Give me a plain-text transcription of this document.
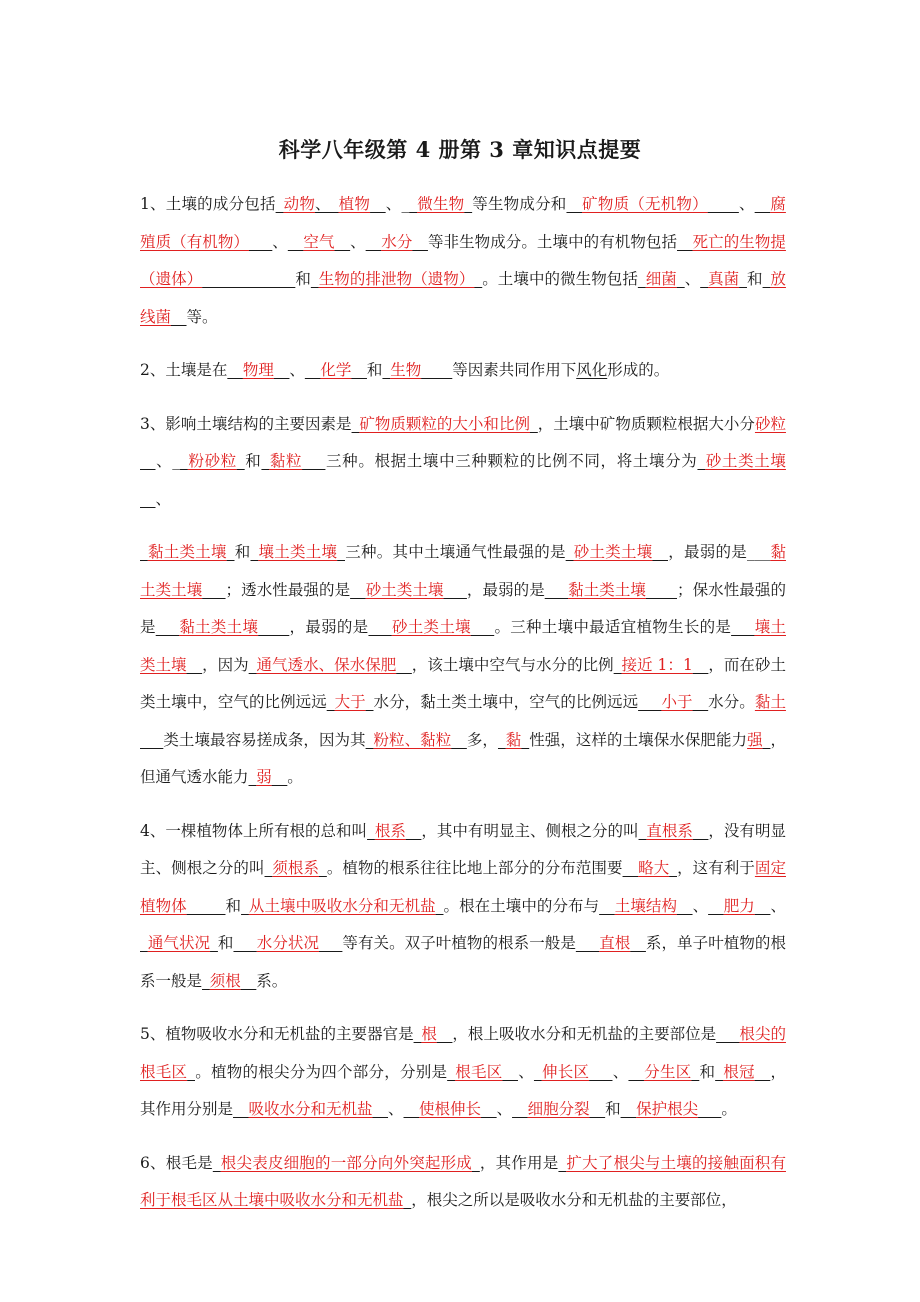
科学八年级第 4 册第 3 章知识点提要

1、土壤的成分包括_动物、_植物__、__微生物_等生物成分和__矿物质（无机物）____、__腐殖质（有机物）___、__空气__、__水分__等非生物成分。土壤中的有机物包括__死亡的生物提（遗体）____________和_生物的排泄物（遗物）_。土壤中的微生物包括_细菌_、_真菌_和_放线菌__等。

2、土壤是在__物理__、__化学__和_生物____等因素共同作用下风化形成的。

3、影响土壤结构的主要因素是_矿物质颗粒的大小和比例_，土壤中矿物质颗粒根据大小分砂粒__、__粉砂粒_和_黏粒___三种。根据土壤中三种颗粒的比例不同，将土壤分为_砂土类土壤__、

_黏土类土壤_和_壤土类土壤_三种。其中土壤通气性最强的是_砂土类土壤__，最弱的是___黏土类土壤___；透水性最强的是__砂土类土壤___，最弱的是___黏土类土壤____；保水性最强的是___黏土类土壤____，最弱的是___砂土类土壤___。三种土壤中最适宜植物生长的是___壤土类土壤__，因为_通气透水、保水保肥__，该土壤中空气与水分的比例_接近 1：1__，而在砂土类土壤中，空气的比例远远_大于_水分，黏土类土壤中，空气的比例远远___小于__水分。黏土___类土壤最容易搓成条，因为其_粉粒、黏粒__多，_黏_性强，这样的土壤保水保肥能力强_，但通气透水能力_弱__。

4、一棵植物体上所有根的总和叫_根系__，其中有明显主、侧根之分的叫_直根系__，没有明显主、侧根之分的叫_须根系_。植物的根系往往比地上部分的分布范围要__略大_，这有利于固定植物体_____和_从土壤中吸收水分和无机盐_。根在土壤中的分布与__土壤结构__、__肥力__、_通气状况_和___水分状况___等有关。双子叶植物的根系一般是___直根__系，单子叶植物的根系一般是_须根__系。

5、植物吸收水分和无机盐的主要器官是_根__，根上吸收水分和无机盐的主要部位是___根尖的根毛区_。植物的根尖分为四个部分，分别是_根毛区__、_伸长区___、__分生区_和_根冠__，其作用分别是__吸收水分和无机盐__、__使根伸长__、__细胞分裂__和__保护根尖___。

6、根毛是_根尖表皮细胞的一部分向外突起形成_，其作用是_扩大了根尖与土壤的接触面积有利于根毛区从土壤中吸收水分和无机盐_，根尖之所以是吸收水分和无机盐的主要部位，
